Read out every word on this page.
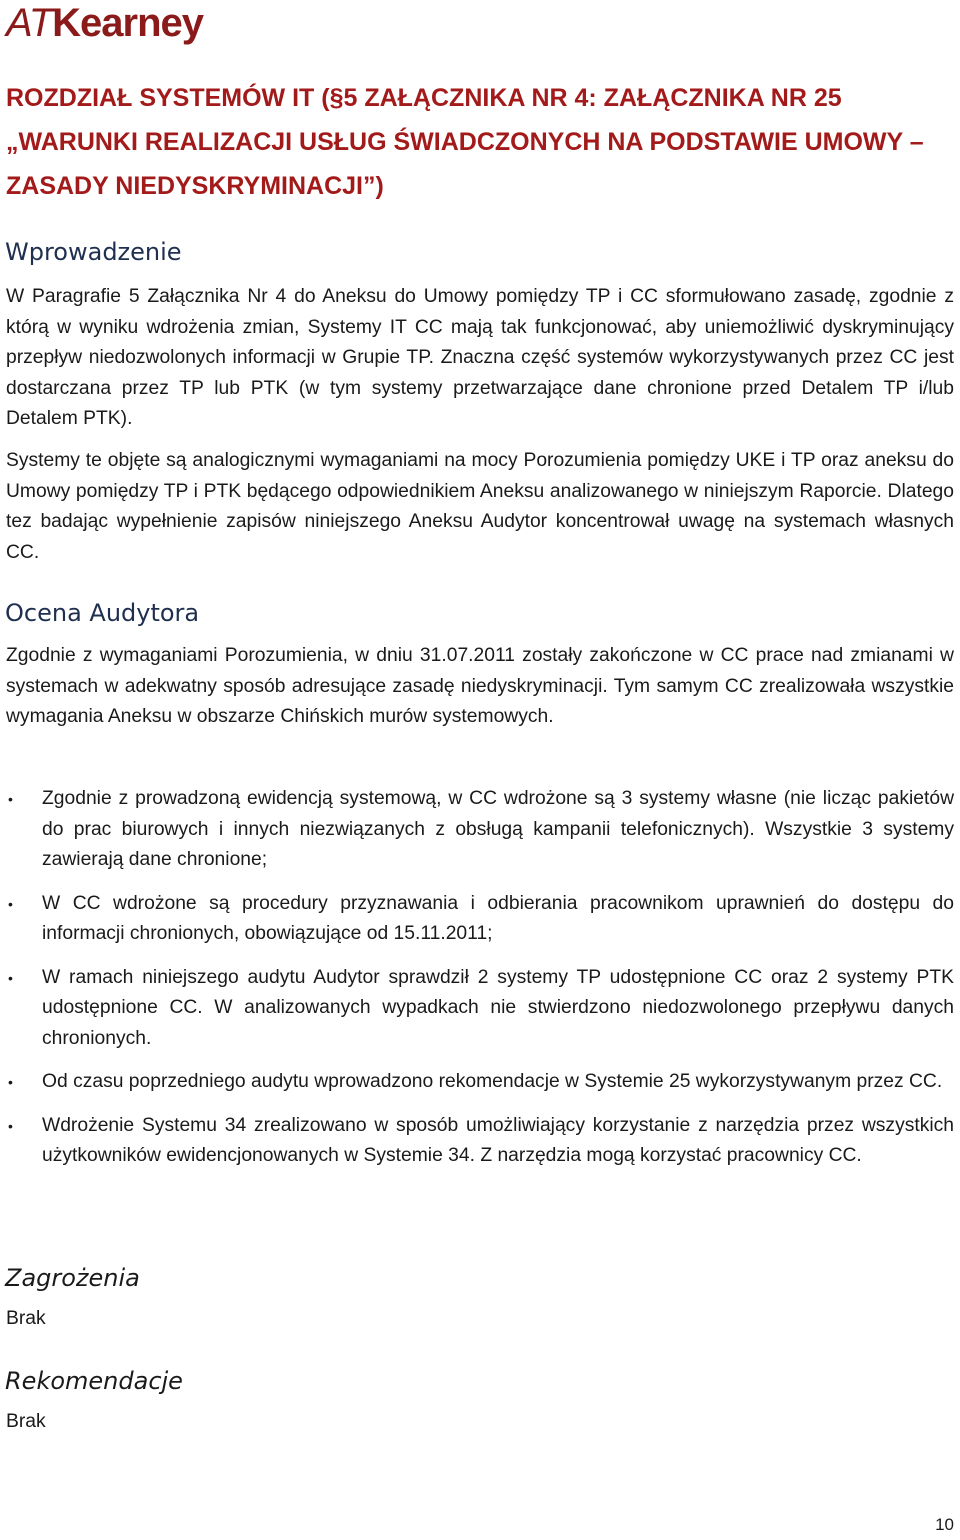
ATKearney
ROZDZIAŁ SYSTEMÓW IT (§5 ZAŁĄCZNIKA NR 4: ZAŁĄCZNIKA NR 25 „WARUNKI REALIZACJI USŁUG ŚWIADCZONYCH NA PODSTAWIE UMOWY – ZASADY NIEDYSKRYMINACJI”)
Wprowadzenie

W Paragrafie 5 Załącznika Nr 4 do Aneksu do Umowy pomiędzy TP i CC sformułowano zasadę, zgodnie z którą w wyniku wdrożenia zmian, Systemy IT CC mają tak funkcjonować, aby uniemożliwić dyskryminujący przepływ niedozwolonych informacji w Grupie TP. Znaczna część systemów wykorzystywanych przez CC jest dostarczana przez TP lub PTK (w tym systemy przetwarzające dane chronione przed Detalem TP i/lub Detalem PTK).

Systemy te objęte są analogicznymi wymaganiami na mocy Porozumienia pomiędzy UKE i TP oraz aneksu do Umowy pomiędzy TP i PTK będącego odpowiednikiem Aneksu analizowanego w niniejszym Raporcie. Dlatego tez badając wypełnienie zapisów niniejszego Aneksu Audytor koncentrował uwagę na systemach własnych CC.

Ocena Audytora

Zgodnie z wymaganiami Porozumienia, w dniu 31.07.2011 zostały zakończone w CC prace nad zmianami w systemach w adekwatny sposób adresujące zasadę niedyskryminacji. Tym samym CC zrealizowała wszystkie wymagania Aneksu w obszarze Chińskich murów systemowych.

• Zgodnie z prowadzoną ewidencją systemową, w CC wdrożone są 3 systemy własne (nie licząc pakietów do prac biurowych i innych niezwiązanych z obsługą kampanii telefonicznych). Wszystkie 3 systemy zawierają dane chronione;
• W CC wdrożone są procedury przyznawania i odbierania pracownikom uprawnień do dostępu do informacji chronionych, obowiązujące od 15.11.2011;
• W ramach niniejszego audytu Audytor sprawdził 2 systemy TP udostępnione CC oraz 2 systemy PTK udostępnione CC. W analizowanych wypadkach nie stwierdzono niedozwolonego przepływu danych chronionych.
• Od czasu poprzedniego audytu wprowadzono rekomendacje w Systemie 25 wykorzystywanym przez CC.
• Wdrożenie Systemu 34 zrealizowano w sposób umożliwiający korzystanie z narzędzia przez wszystkich użytkowników ewidencjonowanych w Systemie 34. Z narzędzia mogą korzystać pracownicy CC.
Zagrożenia

Brak

Rekomendacje

Brak

10
